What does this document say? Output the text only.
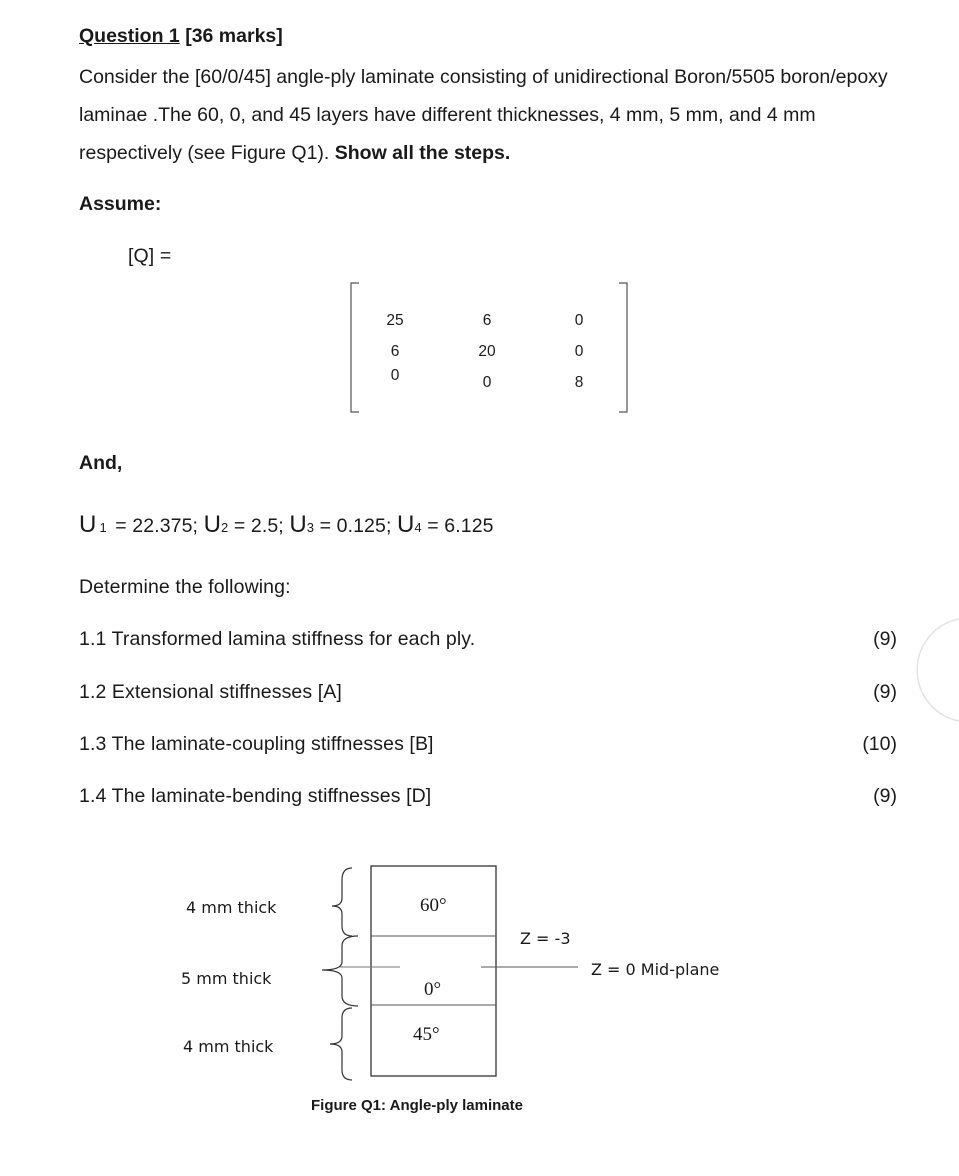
Question 1 [36 marks]
Consider the [60/0/45] angle-ply laminate consisting of unidirectional Boron/5505 boron/epoxy laminae .The 60, 0, and 45 layers have different thicknesses, 4 mm, 5 mm, and 4 mm respectively (see Figure Q1). Show all the steps.
Assume:
[Q] =
25	6	0
6	20	0
0	0	8
And,
U 1 = 22.375; U2 = 2.5; U3 = 0.125; U4 = 6.125
Determine the following:
1.1 Transformed lamina stiffness for each ply.	(9)
1.2 Extensional stiffnesses [A]	(9)
1.3 The laminate-coupling stiffnesses [B]	(10)
1.4 The laminate-bending stiffnesses [D]	(9)
4 mm thick
5 mm thick
4 mm thick
60°
0°
45°
Z = -3
Z = 0 Mid-plane
Figure Q1: Angle-ply laminate
